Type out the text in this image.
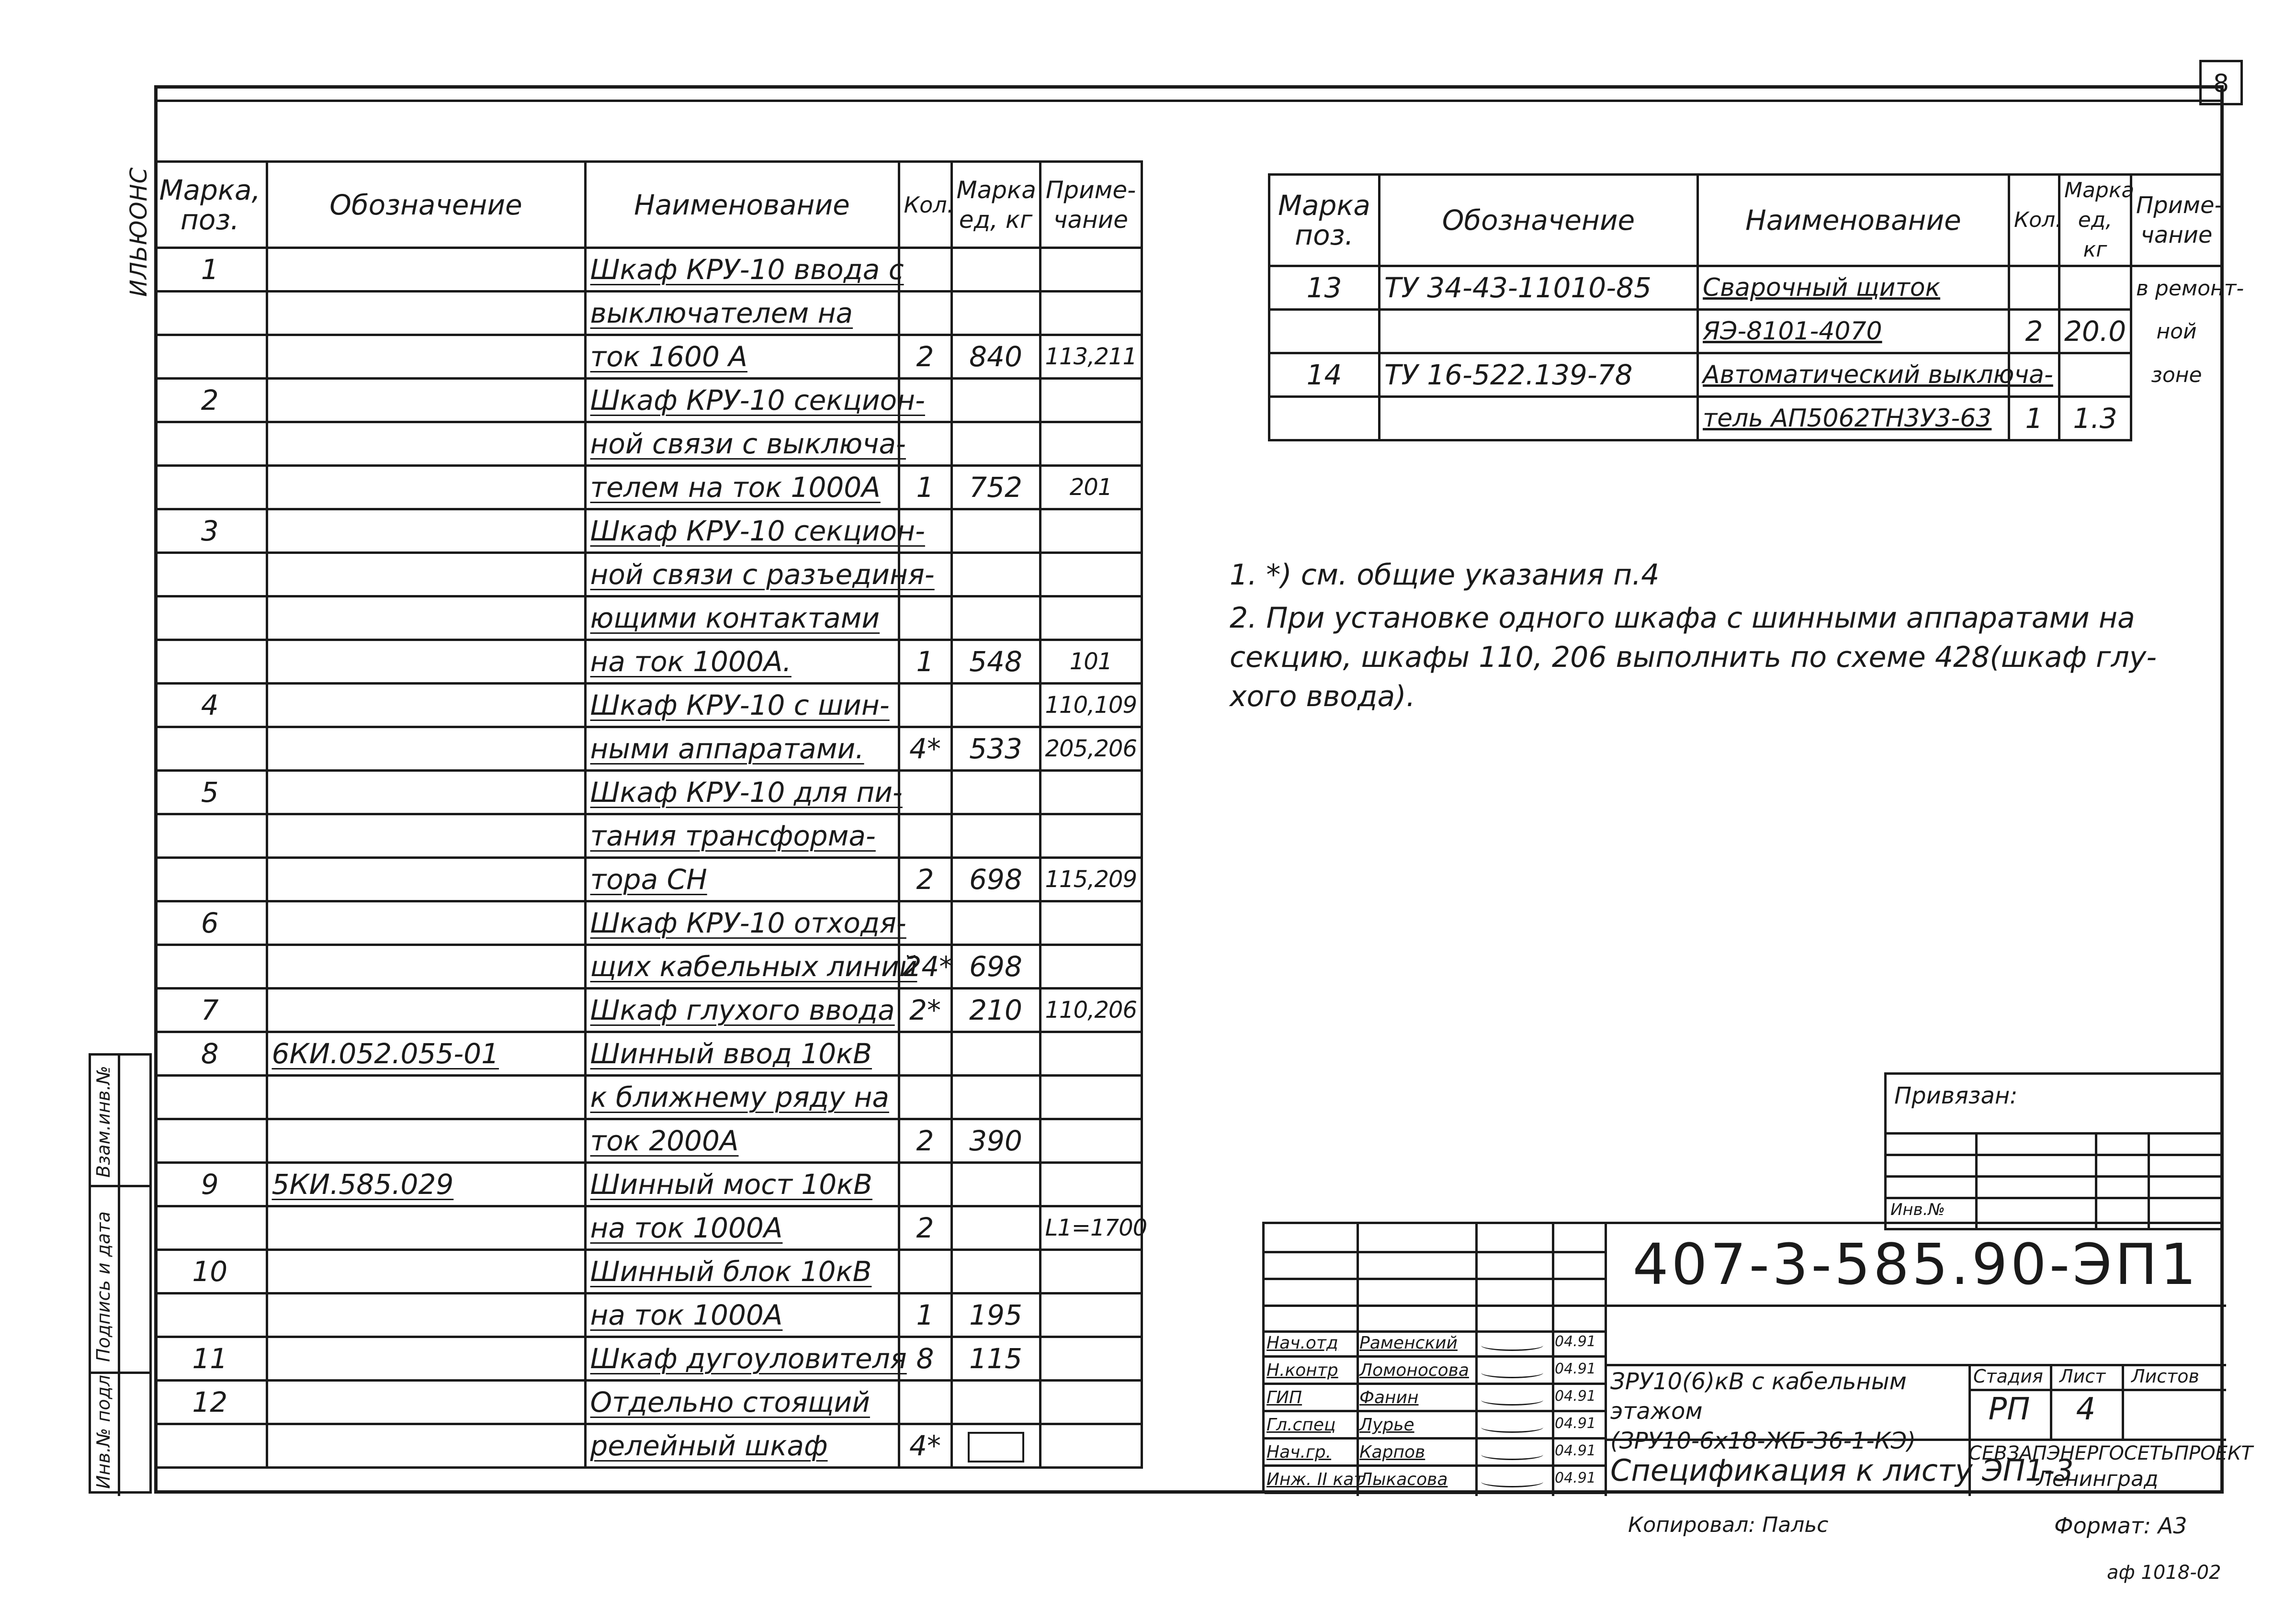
8
ИЛЬЮОНС Марка, поз.	Обозначение	Наименование	Кол.	Марка ед, кг	Приме- чание
1		Шкаф КРУ-10 ввода с			
		выключателем на			
		ток 1600 А	2	840	113,211
2		Шкаф КРУ-10 секцион-			
		ной связи с выключа-			
		телем на ток 1000А	1	752	201
3		Шкаф КРУ-10 секцион-			
		ной связи с разъединя-			
		ющими контактами			
		на ток 1000А.	1	548	101
4		Шкаф КРУ-10 с шин-			110,109
		ными аппаратами.	4*	533	205,206
5		Шкаф КРУ-10 для пи-			
		тания трансформа-			
		тора СН	2	698	115,209
6		Шкаф КРУ-10 отходя-			
		щих кабельных линий	24*	698	
7		Шкаф глухого ввода	2*	210	110,206
8	6КИ.052.055-01	Шинный ввод 10кВ			
		к ближнему ряду на			
		ток 2000А	2	390	
9	5КИ.585.029	Шинный мост 10кВ			
		на ток 1000А	2		L1=1700
10		Шинный блок 10кВ			
		на ток 1000А	1	195	
11		Шкаф дугоуловителя	8	115	
12		Отдельно стоящий			
		релейный шкаф	4*		
Марка поз.	Обозначение	Наименование	Кол.	Марка ед, кг	Приме- чание
13	ТУ 34-43-11010-85	Сварочный щиток			в ремонт-
		ЯЭ-8101-4070	2	20.0	ной
14	ТУ 16-522.139-78	Автоматический выключа-			зоне
		тель АП5062ТН3У3-63	1	1.3	
1. *) см. общие указания п.4
2. При установке одного шкафа с шинными аппаратами на
секцию, шкафы 110, 206 выполнить по схеме 428(шкаф глу-
хого ввода).
Привязан:
Инв.№
Нач.отд	Раменский	04.91
Н.контр	Ломоносова	04.91
ГИП	Фанин	04.91
Гл.спец	Лурье	04.91
Нач.гр.	Карпов	04.91
Инж. II кат
Лыкасова	04.91
407-3-585.90-ЭП1
ЗРУ10(6)кВ с кабельным этажом
(ЗРУ10-6х18-ЖБ-36-1-КЭ)
Стадия Лист Листов
РП	4
Спецификация к листу ЭП1-3
СЕВЗАПЭНЕРГОСЕТЬПРОЕКТ
Ленинград
Копировал: Пальс	Формат: А3
аф 1018-02
Взам.инв.№
Подпись и дата
Инв.№ подл.
